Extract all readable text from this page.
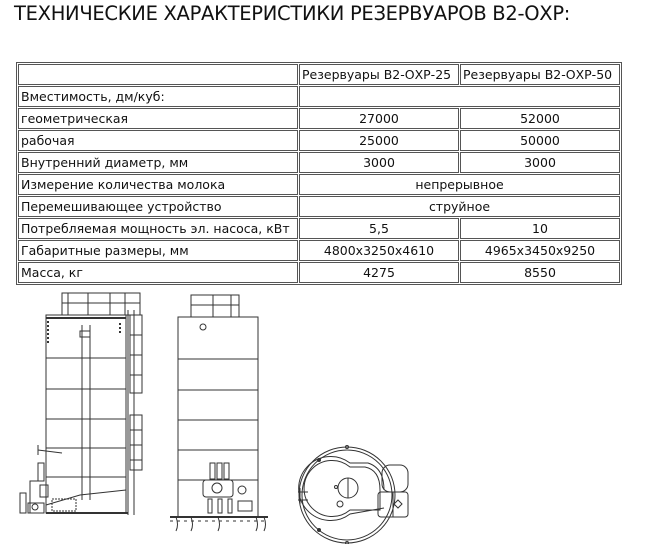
ТЕХНИЧЕСКИЕ ХАРАКТЕРИСТИКИ РЕЗЕРВУАРОВ В2-ОХР:
	Резервуары В2-ОХР-25	Резервуары В2-ОХР-50
Вместимость, дм/куб:		
геометрическая	27000	52000
рабочая	25000	50000
Внутренний диаметр, мм	3000	3000
Измерение количества молока	непрерывное	
Перемешивающее устройство	струйное	
Потребляемая мощность эл. насоса, кВт	5,5	10
Габаритные размеры, мм	4800х3250х4610	4965х3450х9250
Масса, кг	4275	8550
